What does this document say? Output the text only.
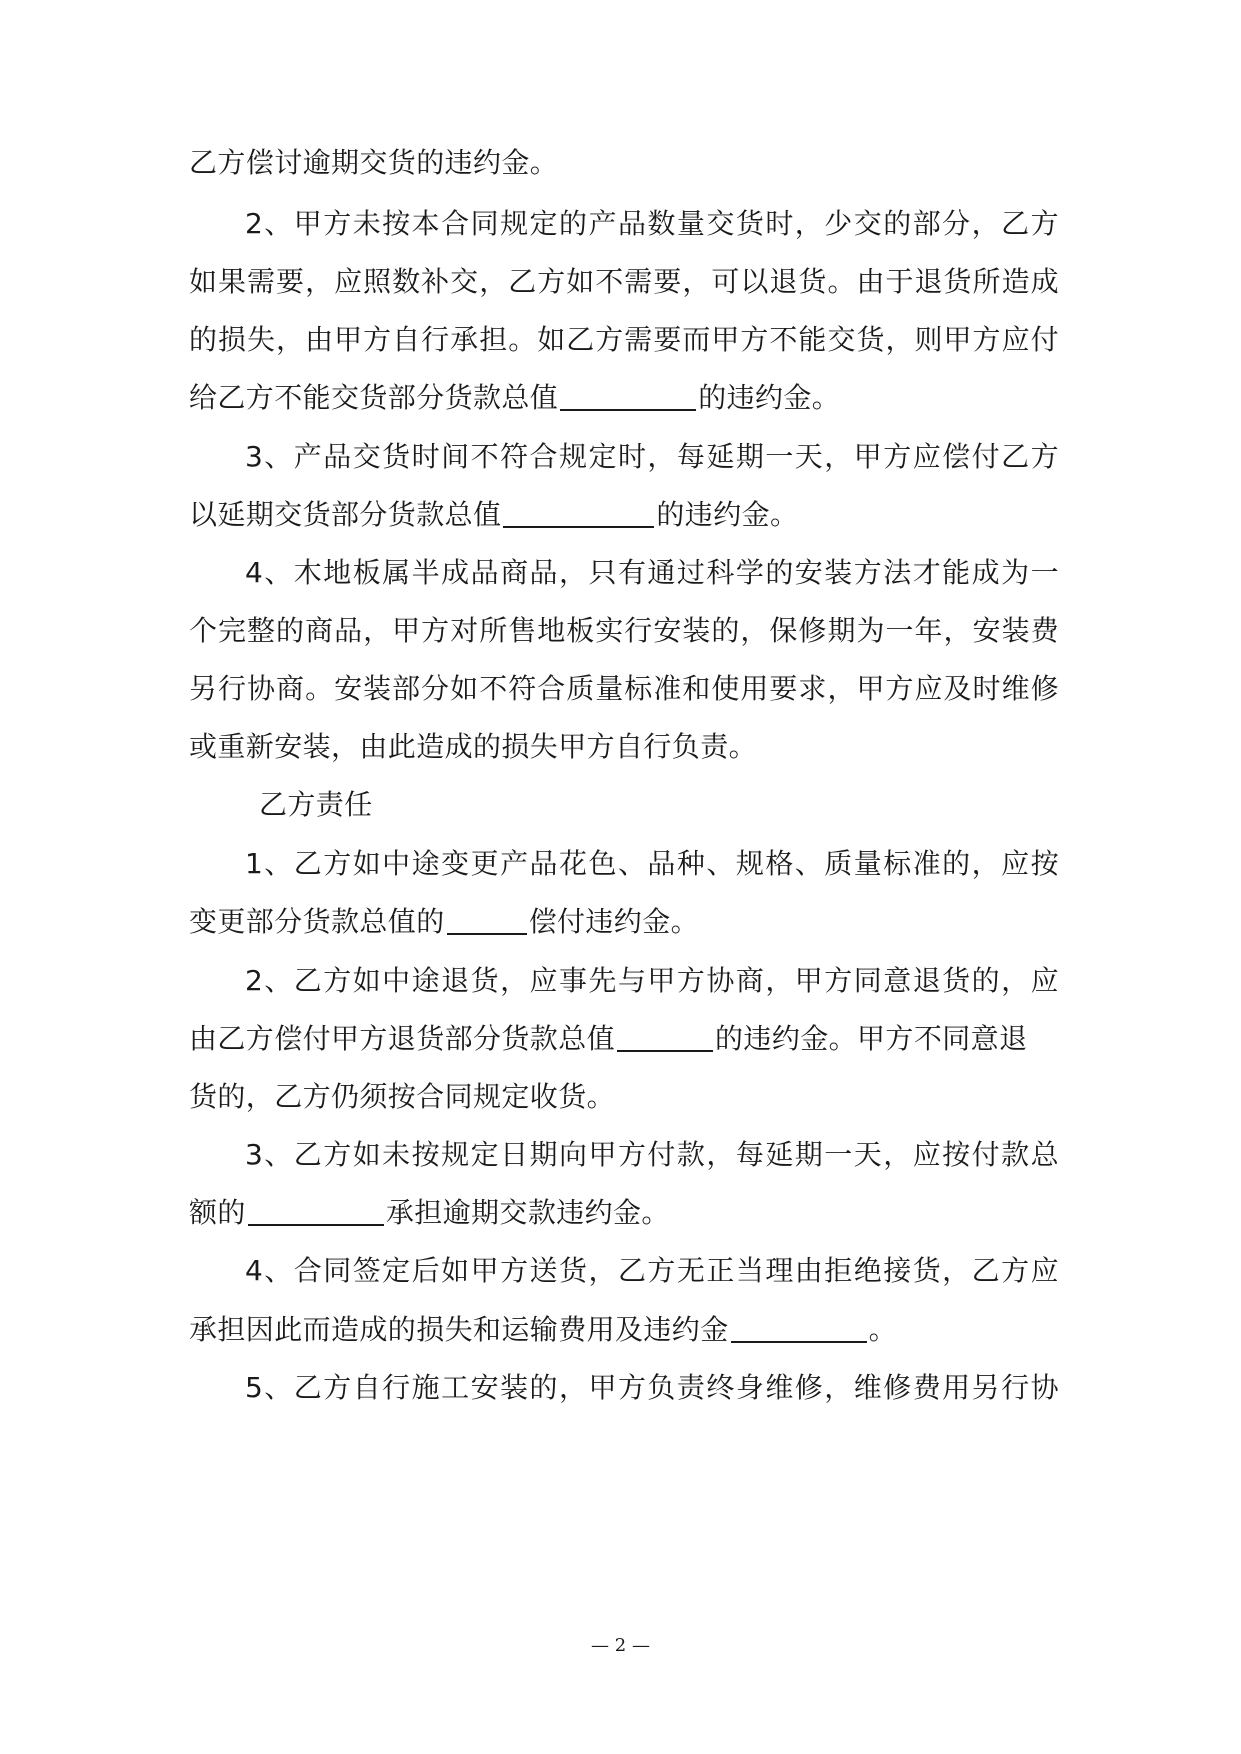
乙方偿讨逾期交货的违约金。
2、甲方未按本合同规定的产品数量交货时，少交的部分，乙方
如果需要，应照数补交，乙方如不需要，可以退货。由于退货所造成
的损失，由甲方自行承担。如乙方需要而甲方不能交货，则甲方应付
给乙方不能交货部分货款总值	的违约金。
3、产品交货时间不符合规定时，每延期一天，甲方应偿付乙方
以延期交货部分货款总值	的违约金。
4、木地板属半成品商品，只有通过科学的安装方法才能成为一
个完整的商品，甲方对所售地板实行安装的，保修期为一年，安装费
另行协商。安装部分如不符合质量标准和使用要求，甲方应及时维修
或重新安装，由此造成的损失甲方自行负责。
乙方责任
1、乙方如中途变更产品花色、品种、规格、质量标准的，应按
变更部分货款总值的	偿付违约金。
2、乙方如中途退货，应事先与甲方协商，甲方同意退货的，应
由乙方偿付甲方退货部分货款总值	的违约金。甲方不同意退
货的，乙方仍须按合同规定收货。
3、乙方如未按规定日期向甲方付款，每延期一天，应按付款总
额的	承担逾期交款违约金。
4、合同签定后如甲方送货，乙方无正当理由拒绝接货，乙方应
承担因此而造成的损失和运输费用及违约金	。
5、乙方自行施工安装的，甲方负责终身维修，维修费用另行协
— 2 —
